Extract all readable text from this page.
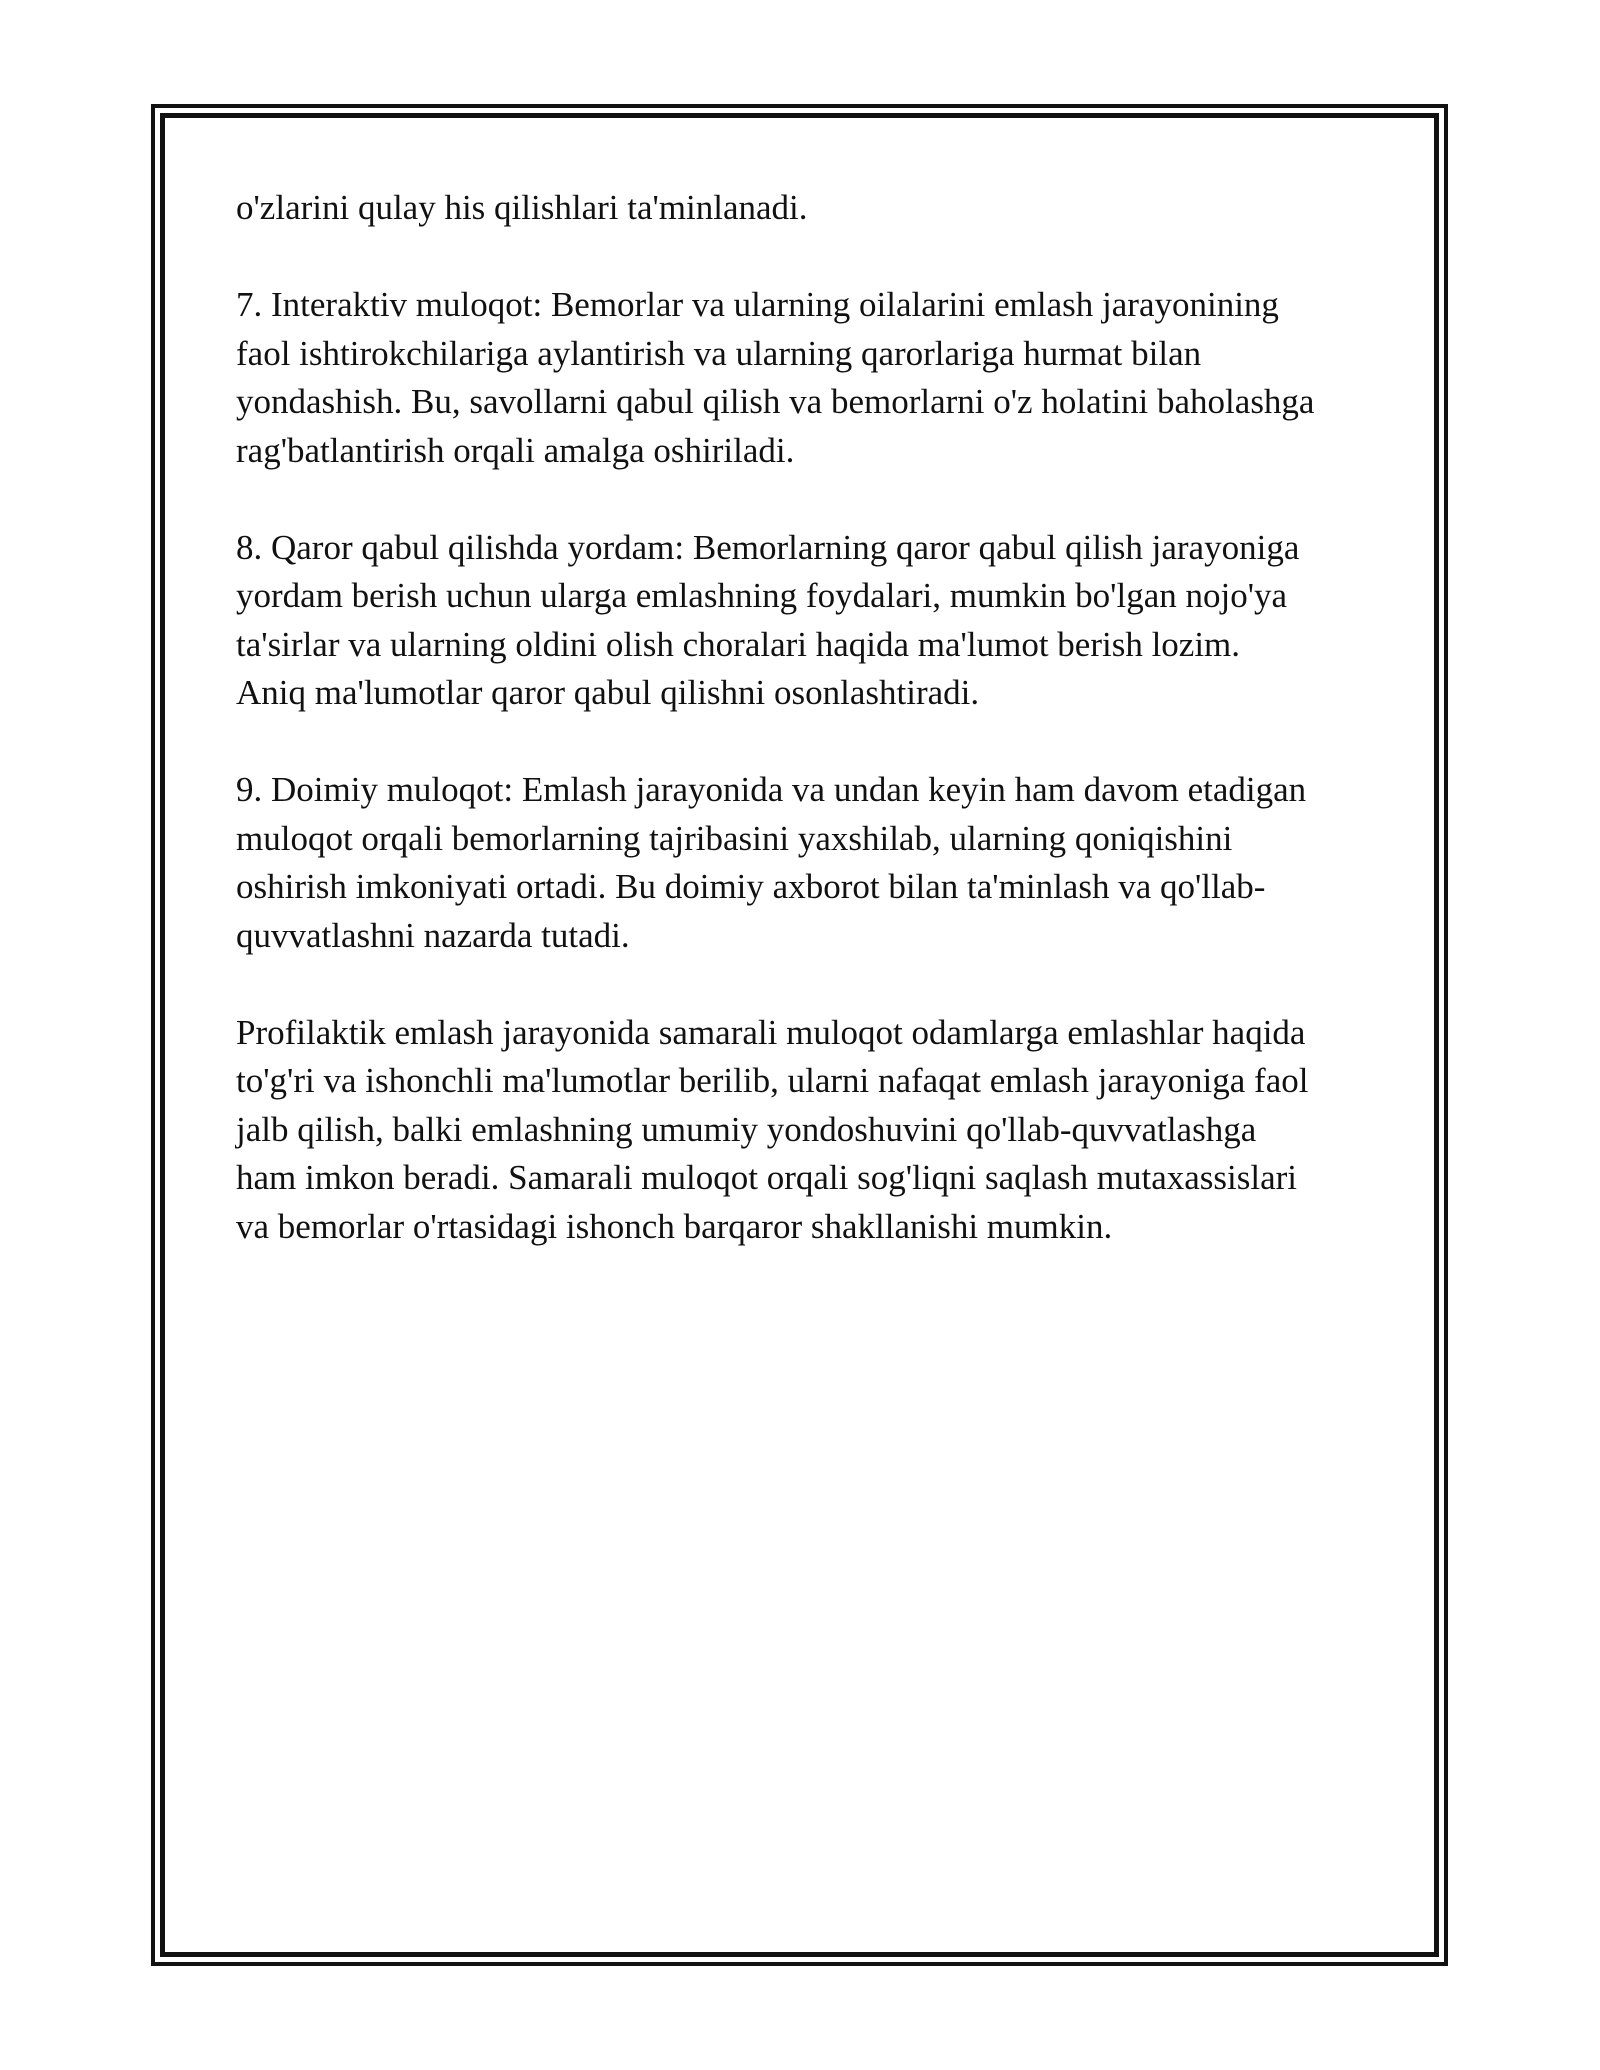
o'zlarini qulay his qilishlari ta'minlanadi.

7. Interaktiv muloqot: Bemorlar va ularning oilalarini emlash jarayonining
faol ishtirokchilariga aylantirish va ularning qarorlariga hurmat bilan
yondashish. Bu, savollarni qabul qilish va bemorlarni o'z holatini baholashga
rag'batlantirish orqali amalga oshiriladi.

8. Qaror qabul qilishda yordam: Bemorlarning qaror qabul qilish jarayoniga
yordam berish uchun ularga emlashning foydalari, mumkin bo'lgan nojo'ya
ta'sirlar va ularning oldini olish choralari haqida ma'lumot berish lozim.
Aniq ma'lumotlar qaror qabul qilishni osonlashtiradi.

9. Doimiy muloqot: Emlash jarayonida va undan keyin ham davom etadigan
muloqot orqali bemorlarning tajribasini yaxshilab, ularning qoniqishini
oshirish imkoniyati ortadi. Bu doimiy axborot bilan ta'minlash va qo'llab-
quvvatlashni nazarda tutadi.

Profilaktik emlash jarayonida samarali muloqot odamlarga emlashlar haqida
to'g'ri va ishonchli ma'lumotlar berilib, ularni nafaqat emlash jarayoniga faol
jalb qilish, balki emlashning umumiy yondoshuvini qo'llab-quvvatlashga
ham imkon beradi. Samarali muloqot orqali sog'liqni saqlash mutaxassislari
va bemorlar o'rtasidagi ishonch barqaror shakllanishi mumkin.
